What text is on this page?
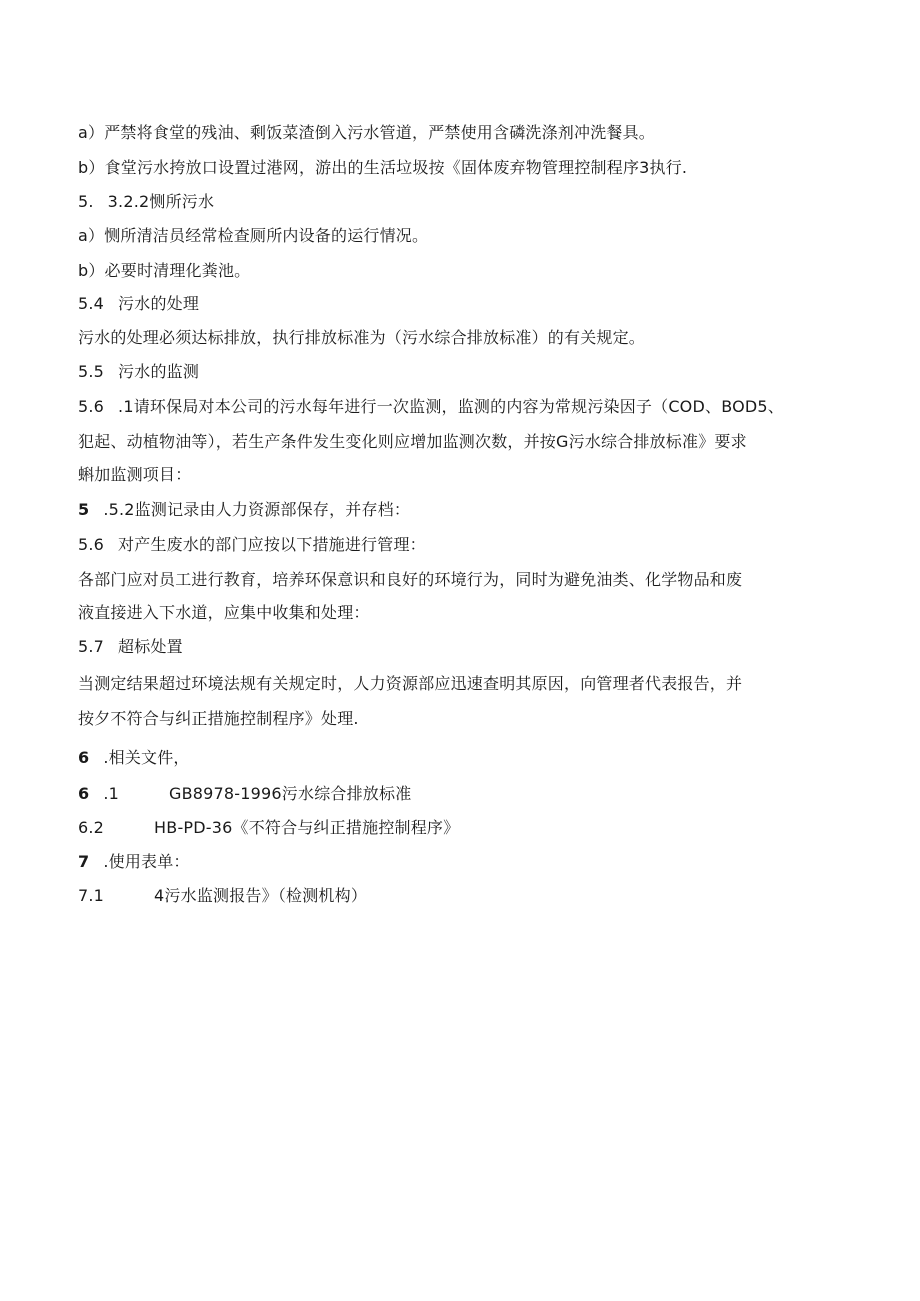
a）严禁将食堂的残油、剩饭菜渣倒入污水管道，严禁使用含磷洗涤剂冲洗餐具。
b）食堂污水挎放口设置过港网，游出的生活垃圾按《固体废弃物管理控制程序3执行.
5. 3.2.2恻所污水
a）恻所清洁员经常检查厕所内设备的运行情况。
b）必要时清理化粪池。
5.4 污水的处理
污水的处理必须达标排放，执行排放标准为（污水综合排放标准）的有关规定。
5.5 污水的监测
5.6 .1请环保局对本公司的污水每年进行一次监测，监测的内容为常规污染因子（COD、BOD5、
犯起、动植物油等），若生产条件发生变化则应增加监测次数，并按G污水综合排放标准》要求
蝌加监测项目：
5 .5.2监测记录由人力资源部保存，并存档：
5.6 对产生废水的部门应按以下措施进行管理：
各部门应对员工进行教育，培养环保意识和良好的环境行为，同时为避免油类、化学物品和废
液直接进入下水道，应集中收集和处理：
5.7 超标处置
当测定结果超过环境法规有关规定时，人力资源部应迅速查明其原因，向管理者代表报告，并
按夕不符合与纠正措施控制程序》处理.
6 .相关文件，
6 .1	GB8978-1996污水综合排放标准
6.2	HB-PD-36《不符合与纠正措施控制程序》
7 .使用表单：
7.1	4污水监测报告》（检测机构）
